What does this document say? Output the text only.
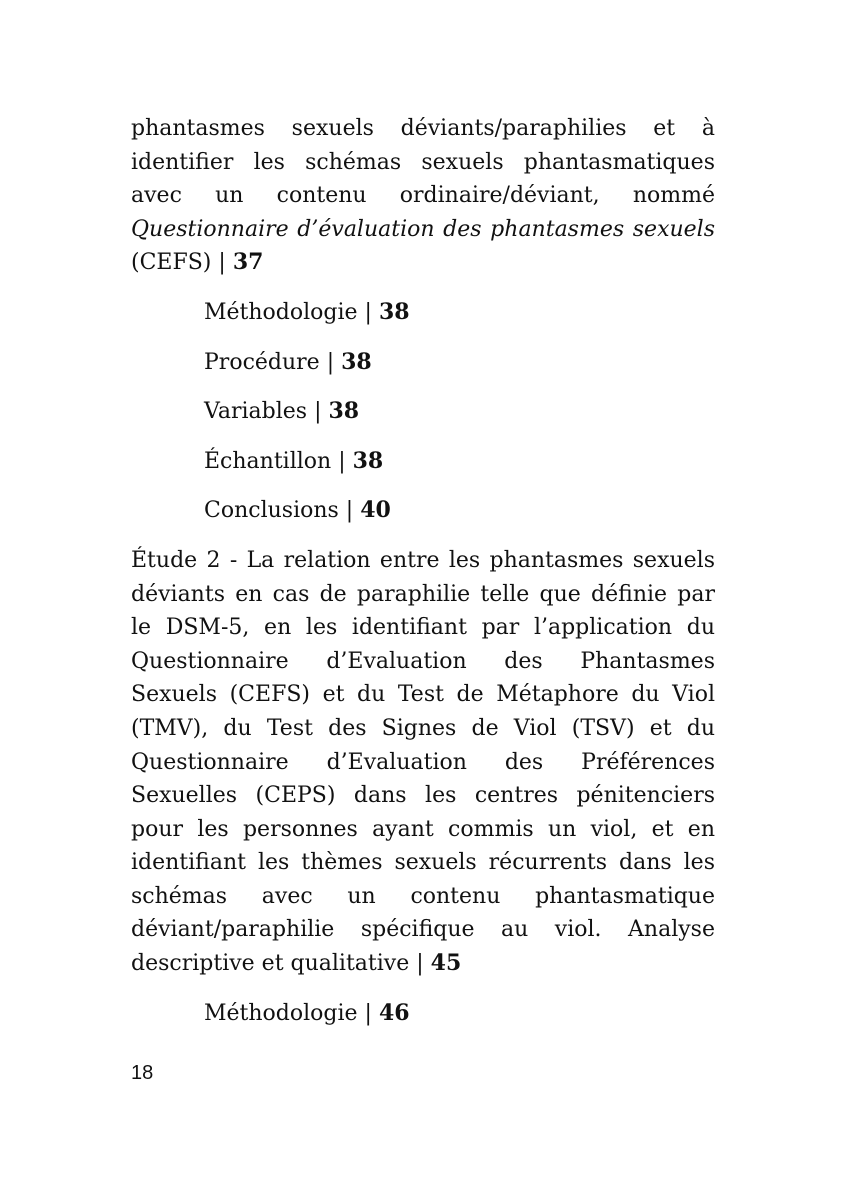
phantasmes sexuels déviants/paraphilies et à identifier les schémas sexuels phantasmatiques avec un contenu ordinaire/déviant, nommé Questionnaire d’évaluation des phantasmes sexuels (CEFS) | 37

Méthodologie | 38

Procédure | 38

Variables | 38

Échantillon | 38

Conclusions | 40

Étude 2 - La relation entre les phantasmes sexuels déviants en cas de paraphilie telle que définie par le DSM-5, en les identifiant par l’application du Questionnaire d’Evaluation des Phantasmes Sexuels (CEFS) et du Test de Métaphore du Viol (TMV), du Test des Signes de Viol (TSV) et du Questionnaire d’Evaluation des Préférences Sexuelles (CEPS) dans les centres pénitenciers pour les personnes ayant commis un viol, et en identifiant les thèmes sexuels récurrents dans les schémas avec un contenu phantasmatique déviant/paraphilie spécifique au viol. Analyse descriptive et qualitative | 45

Méthodologie | 46

18
